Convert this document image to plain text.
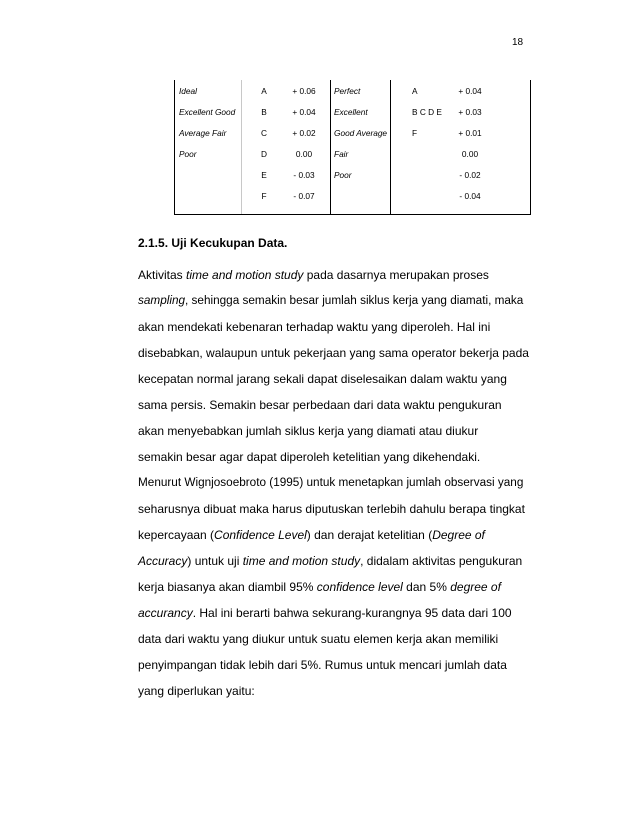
18
Ideal
Excellent Good
Average Fair
Poor
A
B
C
D
E
F
+ 0.06
+ 0.04
+ 0.02
0.00
- 0.03
- 0.07
Perfect
Excellent
Good Average
Fair
Poor
A
B C D E
F
+ 0.04
+ 0.03
+ 0.01
0.00
- 0.02
- 0.04
2.1.5. Uji Kecukupan Data.

Aktivitas time and motion study pada dasarnya merupakan proses
sampling, sehingga semakin besar jumlah siklus kerja yang diamati, maka
akan mendekati kebenaran terhadap waktu yang diperoleh. Hal ini
disebabkan, walaupun untuk pekerjaan yang sama operator bekerja pada
kecepatan normal jarang sekali dapat diselesaikan dalam waktu yang
sama persis. Semakin besar perbedaan dari data waktu pengukuran
akan menyebabkan jumlah siklus kerja yang diamati atau diukur
semakin besar agar dapat diperoleh ketelitian yang dikehendaki.

Menurut Wignjosoebroto (1995) untuk menetapkan jumlah observasi yang
seharusnya dibuat maka harus diputuskan terlebih dahulu berapa tingkat
kepercayaan (Confidence Level) dan derajat ketelitian (Degree of
Accuracy) untuk uji time and motion study, didalam aktivitas pengukuran
kerja biasanya akan diambil 95% confidence level dan 5% degree of
accurancy. Hal ini berarti bahwa sekurang-kurangnya 95 data dari 100
data dari waktu yang diukur untuk suatu elemen kerja akan memiliki
penyimpangan tidak lebih dari 5%. Rumus untuk mencari jumlah data
yang diperlukan yaitu:
